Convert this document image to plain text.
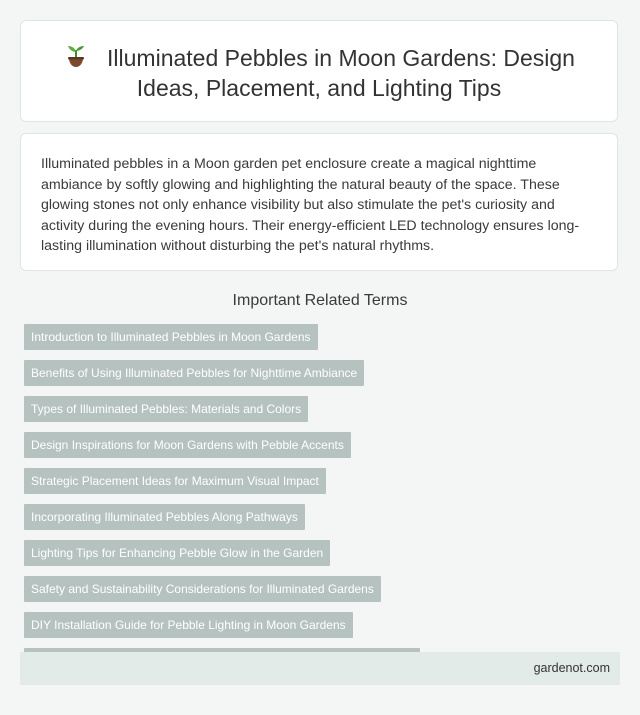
Illuminated Pebbles in Moon Gardens: Design Ideas, Placement, and Lighting Tips
Illuminated pebbles in a Moon garden pet enclosure create a magical nighttime ambiance by softly glowing and highlighting the natural beauty of the space. These glowing stones not only enhance visibility but also stimulate the pet's curiosity and activity during the evening hours. Their energy-efficient LED technology ensures long-lasting illumination without disturbing the pet's natural rhythms.
Important Related Terms
Introduction to Illuminated Pebbles in Moon Gardens
Benefits of Using Illuminated Pebbles for Nighttime Ambiance
Types of Illuminated Pebbles: Materials and Colors
Design Inspirations for Moon Gardens with Pebble Accents
Strategic Placement Ideas for Maximum Visual Impact
Incorporating Illuminated Pebbles Along Pathways
Lighting Tips for Enhancing Pebble Glow in the Garden
Safety and Sustainability Considerations for Illuminated Gardens
DIY Installation Guide for Pebble Lighting in Moon Gardens
gardenot.com
